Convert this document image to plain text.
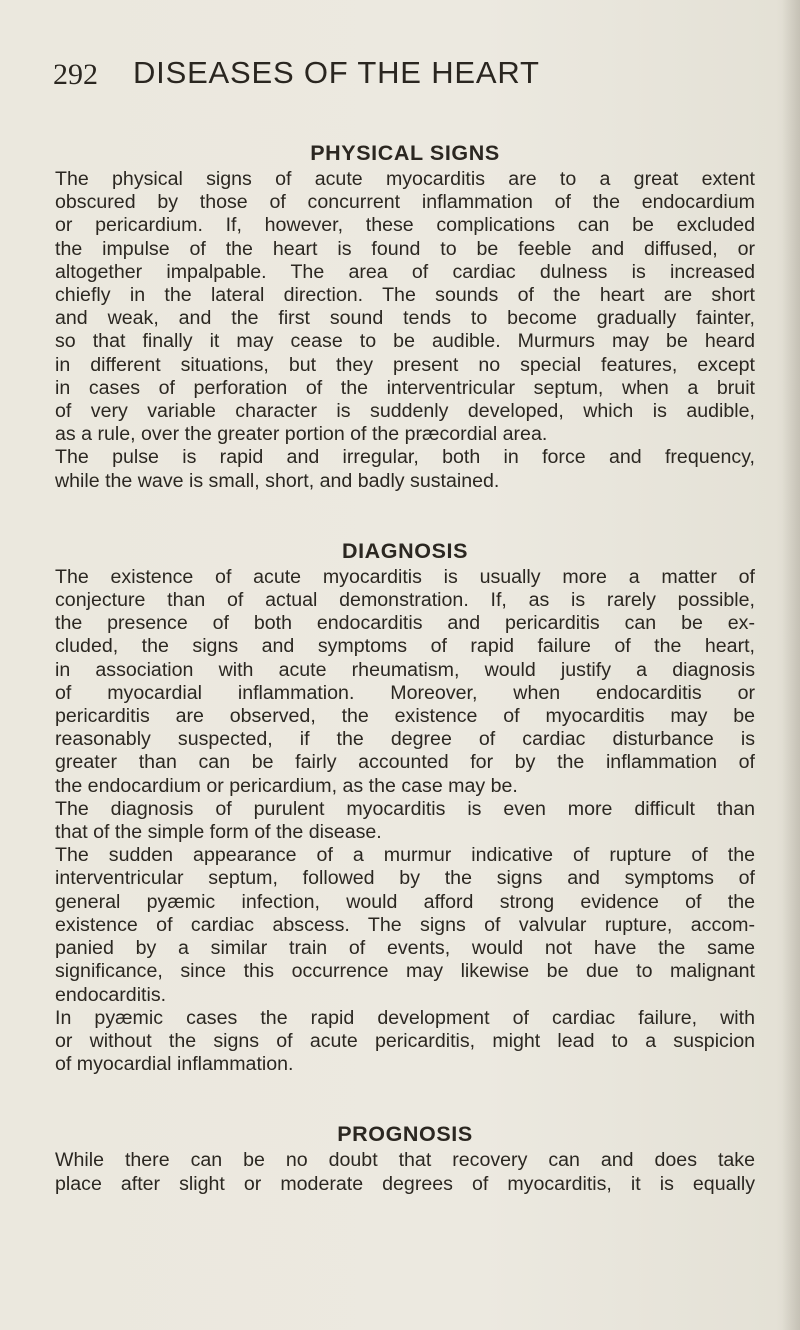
292 DISEASES OF THE HEART
PHYSICAL SIGNS
The physical signs of acute myocarditis are to a great extent
obscured by those of concurrent inflammation of the endocardium
or pericardium. If, however, these complications can be excluded
the impulse of the heart is found to be feeble and diffused, or
altogether impalpable. The area of cardiac dulness is increased
chiefly in the lateral direction. The sounds of the heart are short
and weak, and the first sound tends to become gradually fainter,
so that finally it may cease to be audible. Murmurs may be heard
in different situations, but they present no special features, except
in cases of perforation of the interventricular septum, when a bruit
of very variable character is suddenly developed, which is audible,
as a rule, over the greater portion of the præcordial area.
The pulse is rapid and irregular, both in force and frequency,
while the wave is small, short, and badly sustained.
DIAGNOSIS
The existence of acute myocarditis is usually more a matter of
conjecture than of actual demonstration. If, as is rarely possible,
the presence of both endocarditis and pericarditis can be ex-
cluded, the signs and symptoms of rapid failure of the heart,
in association with acute rheumatism, would justify a diagnosis
of myocardial inflammation. Moreover, when endocarditis or
pericarditis are observed, the existence of myocarditis may be
reasonably suspected, if the degree of cardiac disturbance is
greater than can be fairly accounted for by the inflammation of
the endocardium or pericardium, as the case may be.
The diagnosis of purulent myocarditis is even more difficult than
that of the simple form of the disease.
The sudden appearance of a murmur indicative of rupture of the
interventricular septum, followed by the signs and symptoms of
general pyæmic infection, would afford strong evidence of the
existence of cardiac abscess. The signs of valvular rupture, accom-
panied by a similar train of events, would not have the same
significance, since this occurrence may likewise be due to malignant
endocarditis.
In pyæmic cases the rapid development of cardiac failure, with
or without the signs of acute pericarditis, might lead to a suspicion
of myocardial inflammation.
PROGNOSIS
While there can be no doubt that recovery can and does take
place after slight or moderate degrees of myocarditis, it is equally
